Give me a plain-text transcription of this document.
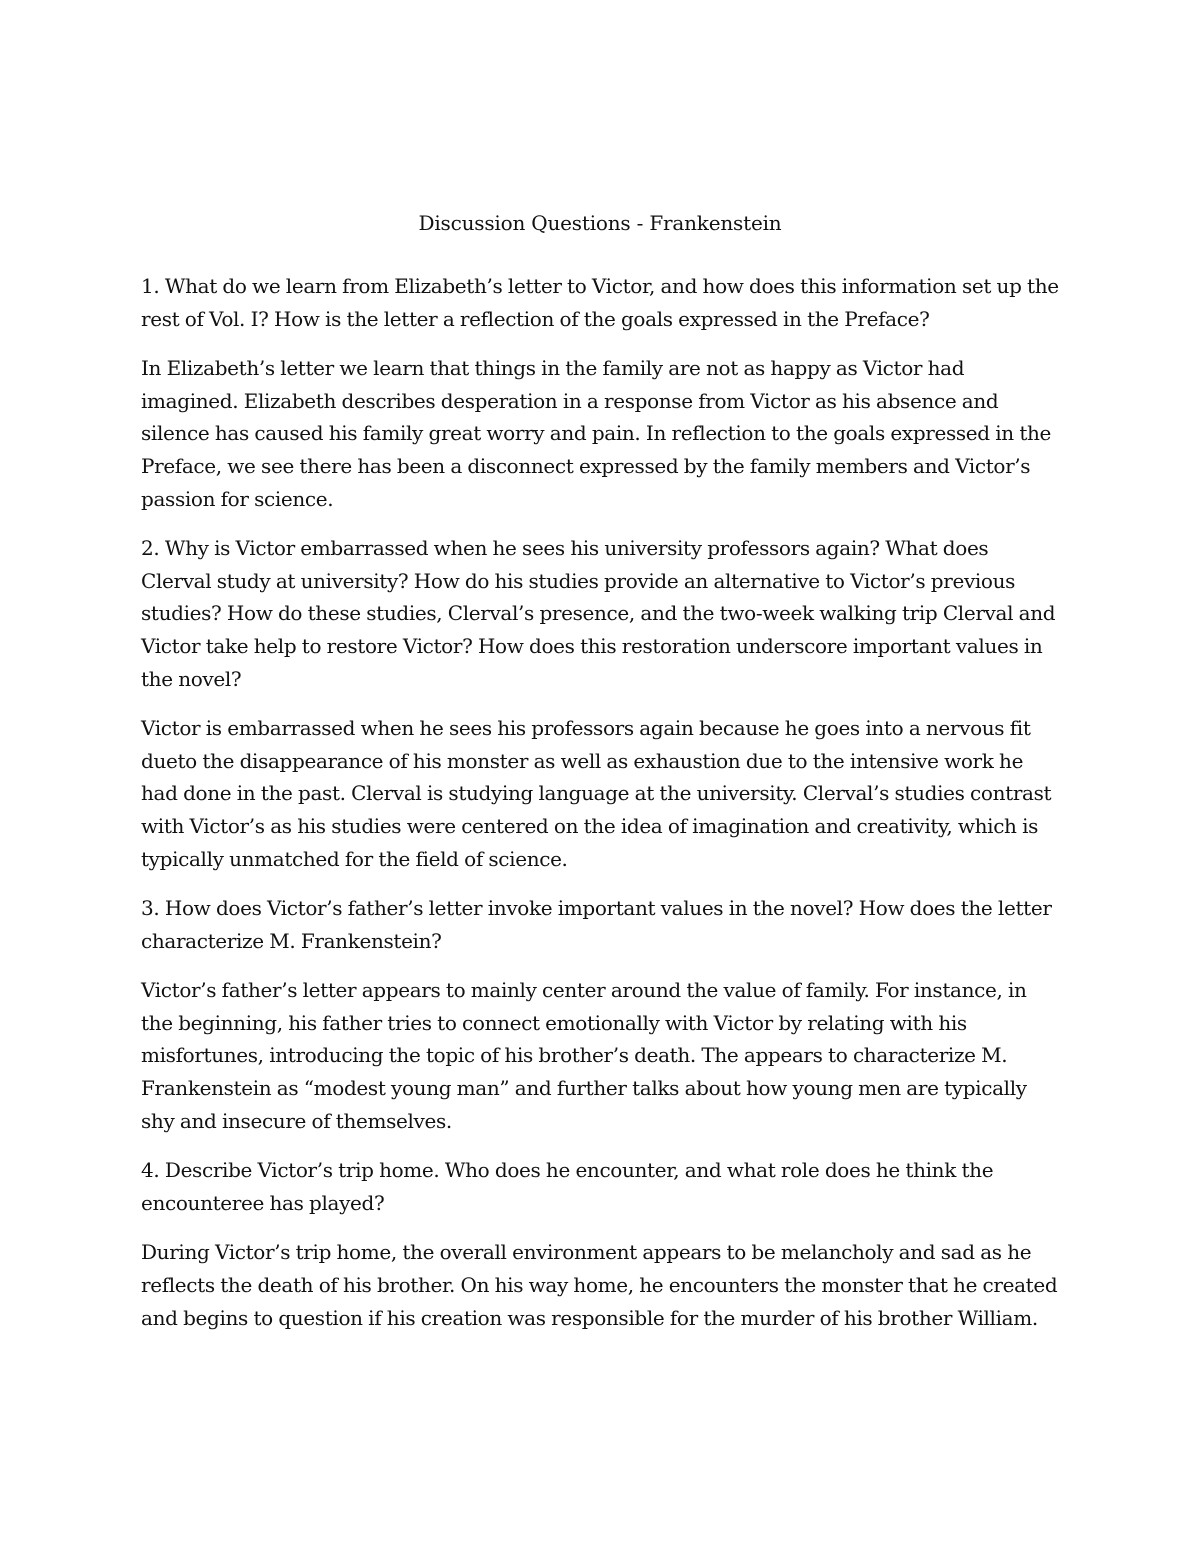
Discussion Questions - Frankenstein

1. What do we learn from Elizabeth’s letter to Victor, and how does this information set up the rest of Vol. I? How is the letter a reflection of the goals expressed in the Preface?

In Elizabeth’s letter we learn that things in the family are not as happy as Victor had imagined. Elizabeth describes desperation in a response from Victor as his absence and silence has caused his family great worry and pain. In reflection to the goals expressed in the Preface, we see there has been a disconnect expressed by the family members and Victor’s passion for science.

2. Why is Victor embarrassed when he sees his university professors again? What does Clerval study at university? How do his studies provide an alternative to Victor’s previous studies? How do these studies, Clerval’s presence, and the two-week walking trip Clerval and Victor take help to restore Victor? How does this restoration underscore important values in the novel?

Victor is embarrassed when he sees his professors again because he goes into a nervous fit dueto the disappearance of his monster as well as exhaustion due to the intensive work he had done in the past. Clerval is studying language at the university. Clerval’s studies contrast with Victor’s as his studies were centered on the idea of imagination and creativity, which is typically unmatched for the field of science.

3. How does Victor’s father’s letter invoke important values in the novel? How does the letter characterize M. Frankenstein?

Victor’s father’s letter appears to mainly center around the value of family. For instance, in the beginning, his father tries to connect emotionally with Victor by relating with his misfortunes, introducing the topic of his brother’s death. The appears to characterize M. Frankenstein as “modest young man” and further talks about how young men are typically shy and insecure of themselves.

4. Describe Victor’s trip home. Who does he encounter, and what role does he think the encounteree has played?

During Victor’s trip home, the overall environment appears to be melancholy and sad as he reflects the death of his brother. On his way home, he encounters the monster that he created and begins to question if his creation was responsible for the murder of his brother William.
